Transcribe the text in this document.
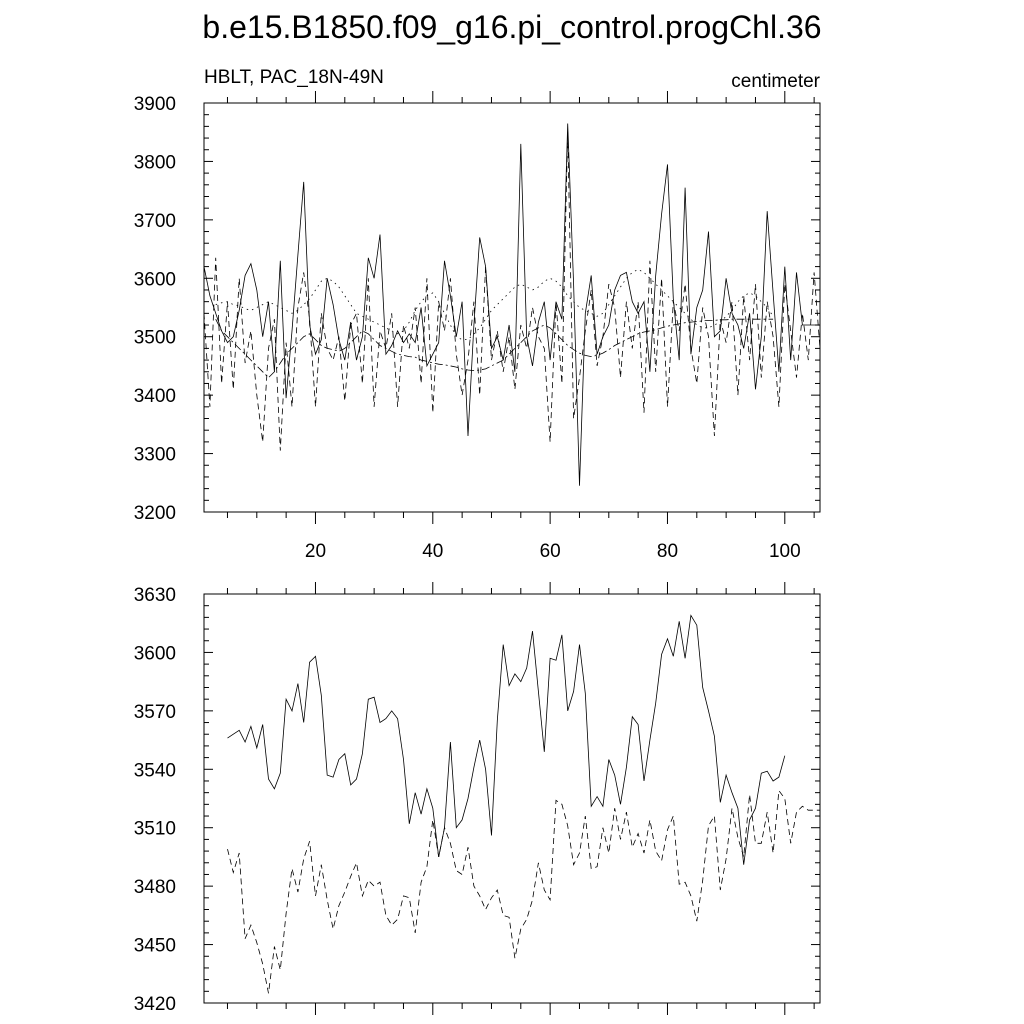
b.e15.B1850.f09_g16.pi_control.progChl.36
HBLT, PAC_18N-49N	centimeter
3200
3300
3400
3500
3600
3700
3800
3900
20	40	60	80	100
3420
3450
3480
3510
3540
3570
3600
3630
